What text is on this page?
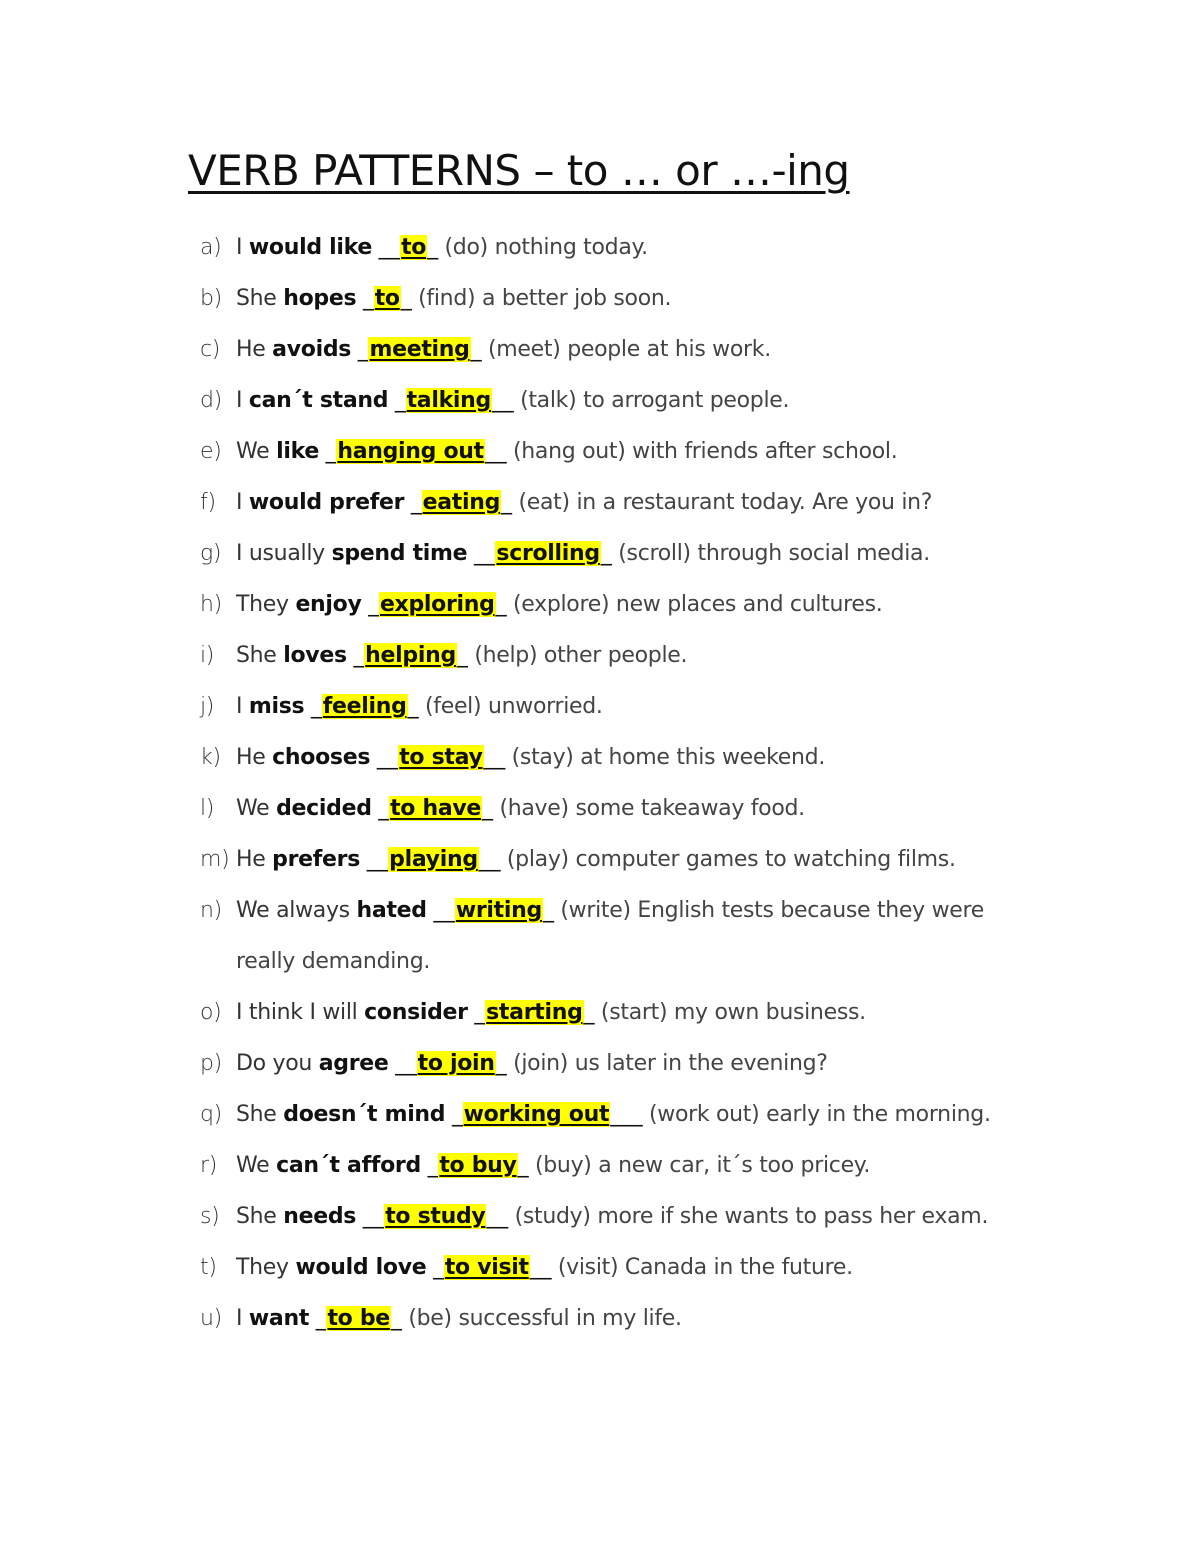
VERB PATTERNS – to … or …-ing
a) I would like __to_ (do) nothing today.
b) She hopes _to_ (find) a better job soon.
c) He avoids _meeting_ (meet) people at his work.
d) I can´t stand _talking__ (talk) to arrogant people.
e) We like _hanging out__ (hang out) with friends after school.
f) I would prefer _eating_ (eat) in a restaurant today. Are you in?
g) I usually spend time __scrolling_ (scroll) through social media.
h) They enjoy _exploring_ (explore) new places and cultures.
i) She loves _helping_ (help) other people.
j) I miss _feeling_ (feel) unworried.
k) He chooses __to stay__ (stay) at home this weekend.
l) We decided _to have_ (have) some takeaway food.
m) He prefers __playing__ (play) computer games to watching films.
n) We always hated __writing_ (write) English tests because they were
really demanding.
o) I think I will consider _starting_ (start) my own business.
p) Do you agree __to join_ (join) us later in the evening?
q) She doesn´t mind _working out___ (work out) early in the morning.
r) We can´t afford _to buy_ (buy) a new car, it´s too pricey.
s) She needs __to study__ (study) more if she wants to pass her exam.
t) They would love _to visit__ (visit) Canada in the future.
u) I want _to be_ (be) successful in my life.
